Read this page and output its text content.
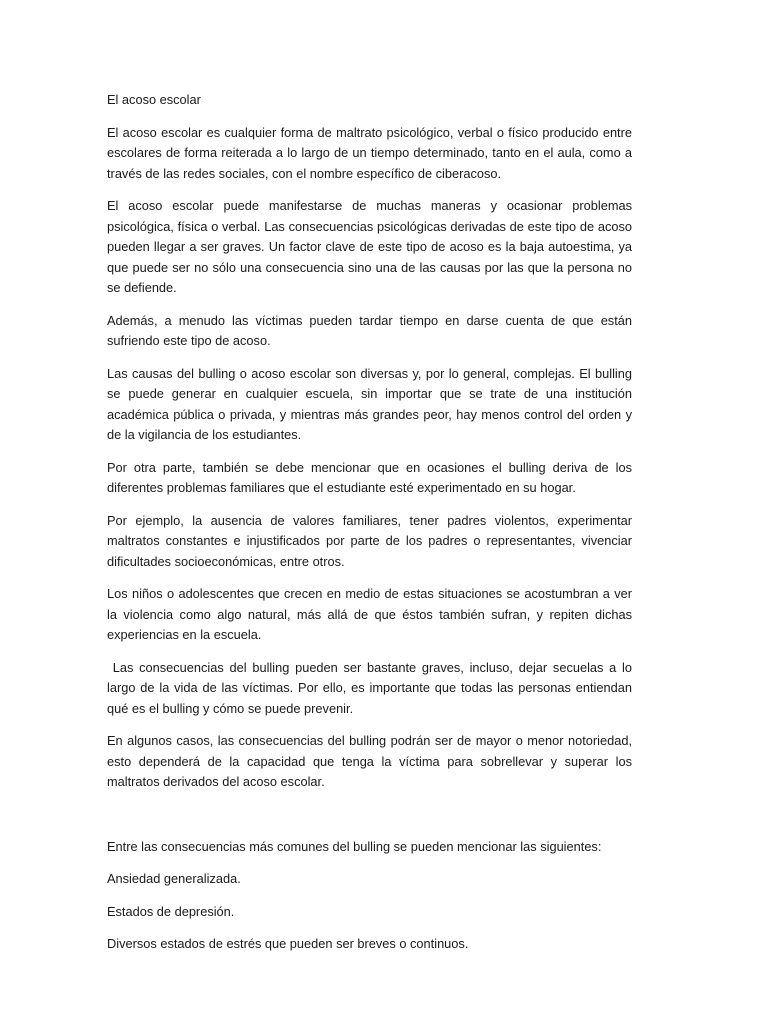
El acoso escolar

El acoso escolar es cualquier forma de maltrato psicológico, verbal o físico producido entre escolares de forma reiterada a lo largo de un tiempo determinado, tanto en el aula, como a través de las redes sociales, con el nombre específico de ciberacoso.

El acoso escolar puede manifestarse de muchas maneras y ocasionar problemas psicológica, física o verbal. Las consecuencias psicológicas derivadas de este tipo de acoso pueden llegar a ser graves. Un factor clave de este tipo de acoso es la baja autoestima, ya que puede ser no sólo una consecuencia sino una de las causas por las que la persona no se defiende.

Además, a menudo las víctimas pueden tardar tiempo en darse cuenta de que están sufriendo este tipo de acoso.

Las causas del bulling o acoso escolar son diversas y, por lo general, complejas. El bulling se puede generar en cualquier escuela, sin importar que se trate de una institución académica pública o privada, y mientras más grandes peor, hay menos control del orden y de la vigilancia de los estudiantes.

Por otra parte, también se debe mencionar que en ocasiones el bulling deriva de los diferentes problemas familiares que el estudiante esté experimentado en su hogar.

Por ejemplo, la ausencia de valores familiares, tener padres violentos, experimentar maltratos constantes e injustificados por parte de los padres o representantes, vivenciar dificultades socioeconómicas, entre otros.

Los niños o adolescentes que crecen en medio de estas situaciones se acostumbran a ver la violencia como algo natural, más allá de que éstos también sufran, y repiten dichas experiencias en la escuela.

Las consecuencias del bulling pueden ser bastante graves, incluso, dejar secuelas a lo largo de la vida de las víctimas. Por ello, es importante que todas las personas entiendan qué es el bulling y cómo se puede prevenir.

En algunos casos, las consecuencias del bulling podrán ser de mayor o menor notoriedad, esto dependerá de la capacidad que tenga la víctima para sobrellevar y superar los maltratos derivados del acoso escolar.

Entre las consecuencias más comunes del bulling se pueden mencionar las siguientes:

Ansiedad generalizada.

Estados de depresión.

Diversos estados de estrés que pueden ser breves o continuos.
